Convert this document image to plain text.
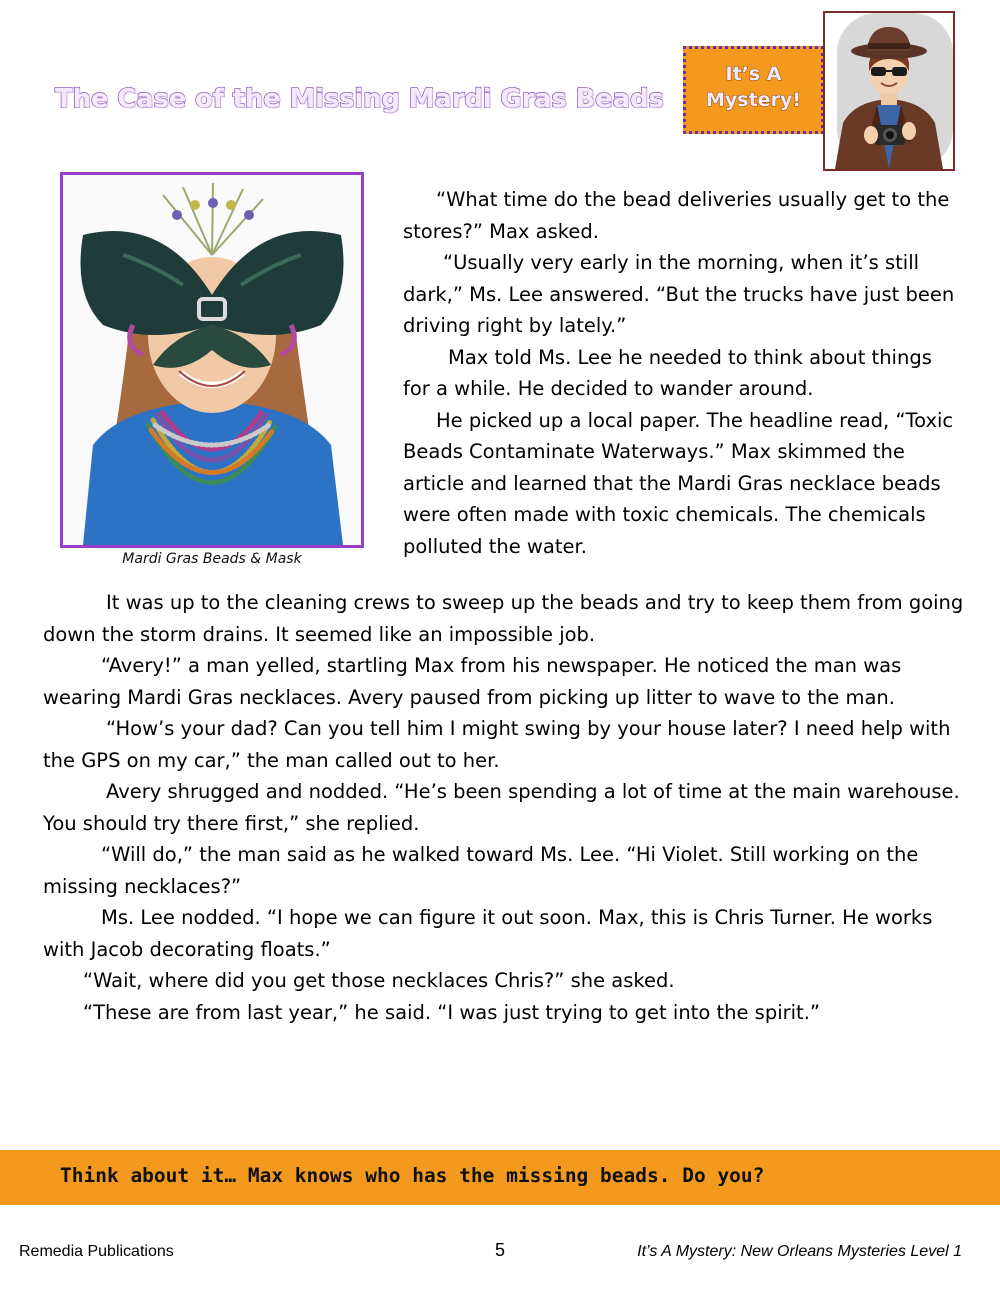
The Case of the Missing Mardi Gras Beads
It’s A
Mystery!
Mardi Gras Beads & Mask

“What time do the bead deliveries usually get to the stores?” Max asked.

“Usually very early in the morning, when it’s still dark,” Ms. Lee answered. “But the trucks have just been driving right by lately.”

Max told Ms. Lee he needed to think about things for a while. He decided to wander around.

He picked up a local paper. The headline read, “Toxic Beads Contaminate Waterways.” Max skimmed the article and learned that the Mardi Gras necklace beads were often made with toxic chemicals. The chemicals polluted the water.

It was up to the cleaning crews to sweep up the beads and try to keep them from going down the storm drains. It seemed like an impossible job.

“Avery!” a man yelled, startling Max from his newspaper. He noticed the man was wearing Mardi Gras necklaces. Avery paused from picking up litter to wave to the man.

“How’s your dad? Can you tell him I might swing by your house later? I need help with the GPS on my car,” the man called out to her.

Avery shrugged and nodded. “He’s been spending a lot of time at the main warehouse. You should try there first,” she replied.

“Will do,” the man said as he walked toward Ms. Lee. “Hi Violet. Still working on the missing necklaces?”

Ms. Lee nodded. “I hope we can figure it out soon. Max, this is Chris Turner. He works with Jacob decorating floats.”

“Wait, where did you get those necklaces Chris?” she asked.

“These are from last year,” he said. “I was just trying to get into the spirit.”

Think about it… Max knows who has the missing beads. Do you?
Remedia Publications	5	It’s A Mystery: New Orleans Mysteries Level 1
